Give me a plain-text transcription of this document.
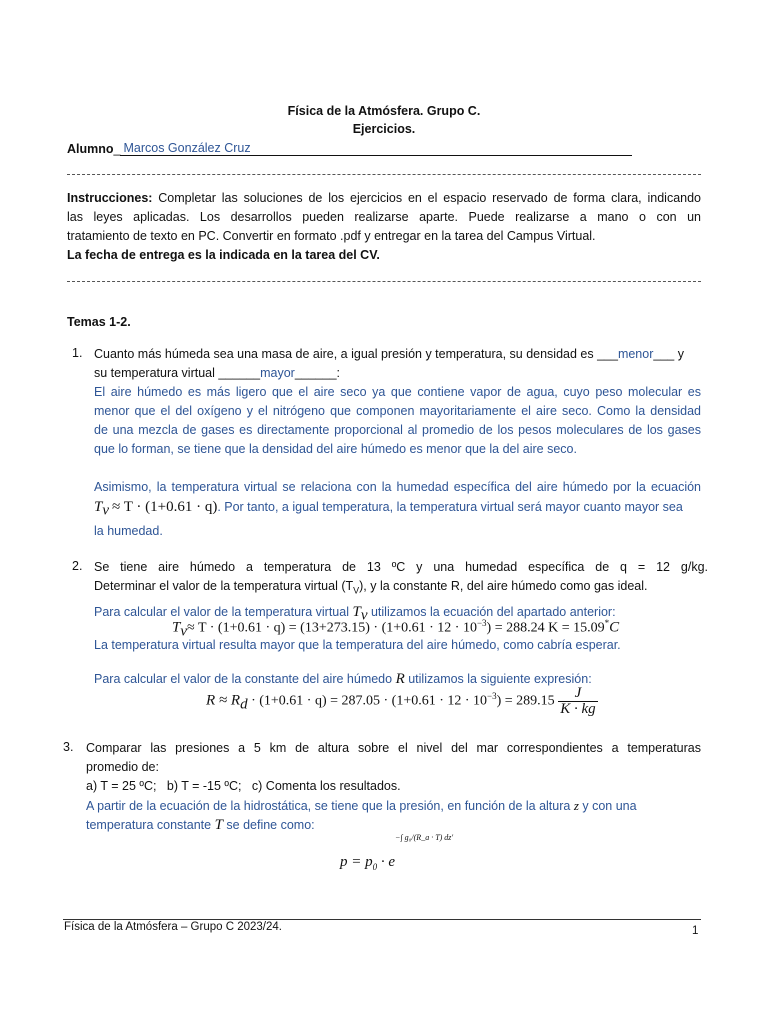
Física de la Atmósfera. Grupo C.
Ejercicios.
Alumno_ Marcos González Cruz
Instrucciones: Completar las soluciones de los ejercicios en el espacio reservado de forma clara, indicando
las leyes aplicadas. Los desarrollos pueden realizarse aparte. Puede realizarse a mano o con un
tratamiento de texto en PC. Convertir en formato .pdf y entregar en la tarea del Campus Virtual.
La fecha de entrega es la indicada en la tarea del CV.
Temas 1-2.
1. Cuanto más húmeda sea una masa de aire, a igual presión y temperatura, su densidad es ___menor___ y
su temperatura virtual ______mayor______:
El aire húmedo es más ligero que el aire seco ya que contiene vapor de agua, cuyo peso molecular es
menor que el del oxígeno y el nitrógeno que componen mayoritariamente el aire seco. Como la densidad
de una mezcla de gases es directamente proporcional al promedio de los pesos moleculares de los gases
que lo forman, se tiene que la densidad del aire húmedo es menor que la del aire seco.
Asimismo, la temperatura virtual se relaciona con la humedad específica del aire húmedo por la ecuación
$T_v \approx T \cdot (1+0.61 \cdot q)$. Por tanto, a igual temperatura, la temperatura virtual será mayor cuanto mayor sea
la humedad.
2. Se tiene aire húmedo a temperatura de 13 ºC y una humedad específica de q = 12 g/kg.
Determinar el valor de la temperatura virtual $(T_V)$, y la constante R, del aire húmedo como gas ideal.
Para calcular el valor de la temperatura virtual $T_v$ utilizamos la ecuación del apartado anterior:
$T_v\approx T \cdot (1+0.61 \cdot q) = (13+273.15) \cdot (1+0.61 \cdot 12 \cdot 10^{-3}) = 288.24$ K = 15.09*C
La temperatura virtual resulta mayor que la temperatura del aire húmedo, como cabría esperar.
Para calcular el valor de la constante del aire húmedo R utilizamos la siguiente expresión:
$R \approx R_d \cdot (1+0.61 \cdot q) = 287.05 \cdot (1+0.61 \cdot 12 \cdot 10^{-3}) = 289.15 \frac{J}{K \cdot kg}$
3. Comparar las presiones a 5 km de altura sobre el nivel del mar correspondientes a temperaturas
promedio de:
a) T = 25 ºC;   b) T = -15 ºC;   c) Comenta los resultados.
A partir de la ecuación de la hidrostática, se tiene que la presión, en función de la altura z y con una
temperatura constante T se define como:
$p = p_0 \cdot e^{-\int g_0/(R\_a \cdot T) dz'}$
Física de la Atmósfera – Grupo C 2023/24.	1
